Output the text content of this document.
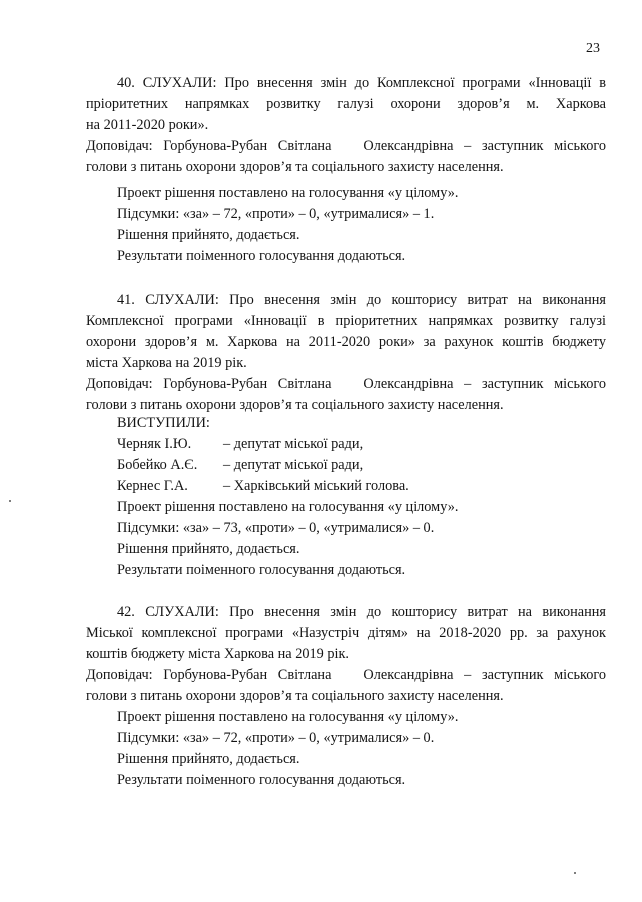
23
40. СЛУХАЛИ: Про внесення змін до Комплексної програми «Інновації в
пріоритетних напрямках розвитку галузі охорони здоров’я м. Харкова
на 2011-2020 роки».
Доповідач: Горбунова-Рубан Світлана   Олександрівна – заступник міського
голови з питань охорони здоров’я та соціального захисту населення.
Проект рішення поставлено на голосування «у цілому».
Підсумки: «за» – 72, «проти» – 0, «утрималися» – 1.
Рішення прийнято, додається.
Результати поіменного голосування додаються.
41. СЛУХАЛИ: Про внесення змін до кошторису витрат на виконання
Комплексної програми «Інновації в пріоритетних напрямках розвитку галузі
охорони здоров’я м. Харкова на 2011-2020 роки» за рахунок коштів бюджету
міста Харкова на 2019 рік.
Доповідач: Горбунова-Рубан Світлана   Олександрівна – заступник міського
голови з питань охорони здоров’я та соціального захисту населення.
ВИСТУПИЛИ:
Черняк І.Ю.	– депутат міської ради,
Бобейко А.Є.	– депутат міської ради,
Кернес Г.А.	– Харківський міський голова.
Проект рішення поставлено на голосування «у цілому».
Підсумки: «за» – 73, «проти» – 0, «утрималися» – 0.
Рішення прийнято, додається.
Результати поіменного голосування додаються.
42. СЛУХАЛИ: Про внесення змін до кошторису витрат на виконання
Міської комплексної програми «Назустріч дітям» на 2018-2020 рр. за рахунок
коштів бюджету міста Харкова на 2019 рік.
Доповідач: Горбунова-Рубан Світлана   Олександрівна – заступник міського
голови з питань охорони здоров’я та соціального захисту населення.
Проект рішення поставлено на голосування «у цілому».
Підсумки: «за» – 72, «проти» – 0, «утрималися» – 0.
Рішення прийнято, додається.
Результати поіменного голосування додаються.
